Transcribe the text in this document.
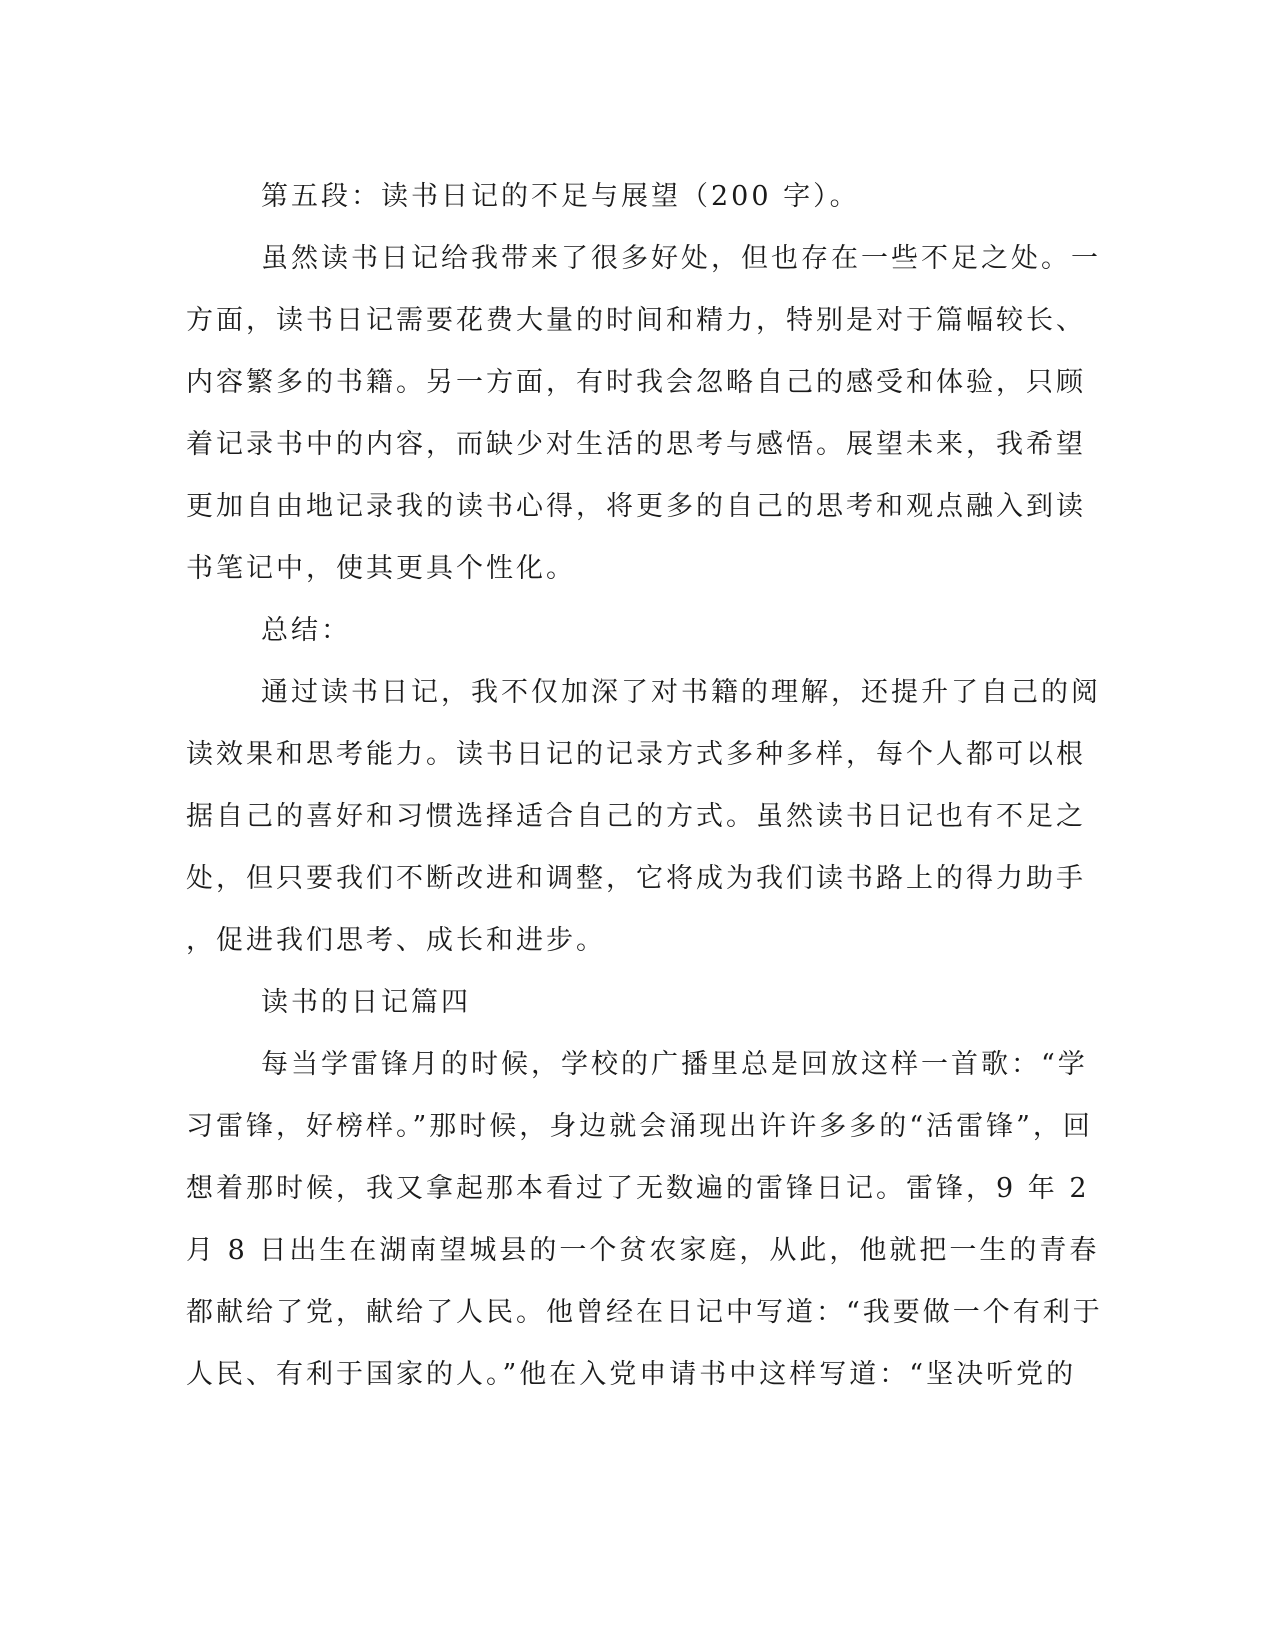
第五段：读书日记的不足与展望（200 字）。
虽然读书日记给我带来了很多好处，但也存在一些不足之处。一
方面，读书日记需要花费大量的时间和精力，特别是对于篇幅较长、
内容繁多的书籍。另一方面，有时我会忽略自己的感受和体验，只顾
着记录书中的内容，而缺少对生活的思考与感悟。展望未来，我希望
更加自由地记录我的读书心得，将更多的自己的思考和观点融入到读
书笔记中，使其更具个性化。
总结：
通过读书日记，我不仅加深了对书籍的理解，还提升了自己的阅
读效果和思考能力。读书日记的记录方式多种多样，每个人都可以根
据自己的喜好和习惯选择适合自己的方式。虽然读书日记也有不足之
处，但只要我们不断改进和调整，它将成为我们读书路上的得力助手
，促进我们思考、成长和进步。
读书的日记篇四
每当学雷锋月的时候，学校的广播里总是回放这样一首歌：“学
习雷锋，好榜样。”那时候，身边就会涌现出许许多多的“活雷锋”，回
想着那时候，我又拿起那本看过了无数遍的雷锋日记。雷锋，9 年 2
月 8 日出生在湖南望城县的一个贫农家庭，从此，他就把一生的青春
都献给了党，献给了人民。他曾经在日记中写道：“我要做一个有利于
人民、有利于国家的人。”他在入党申请书中这样写道：“坚决听党的
